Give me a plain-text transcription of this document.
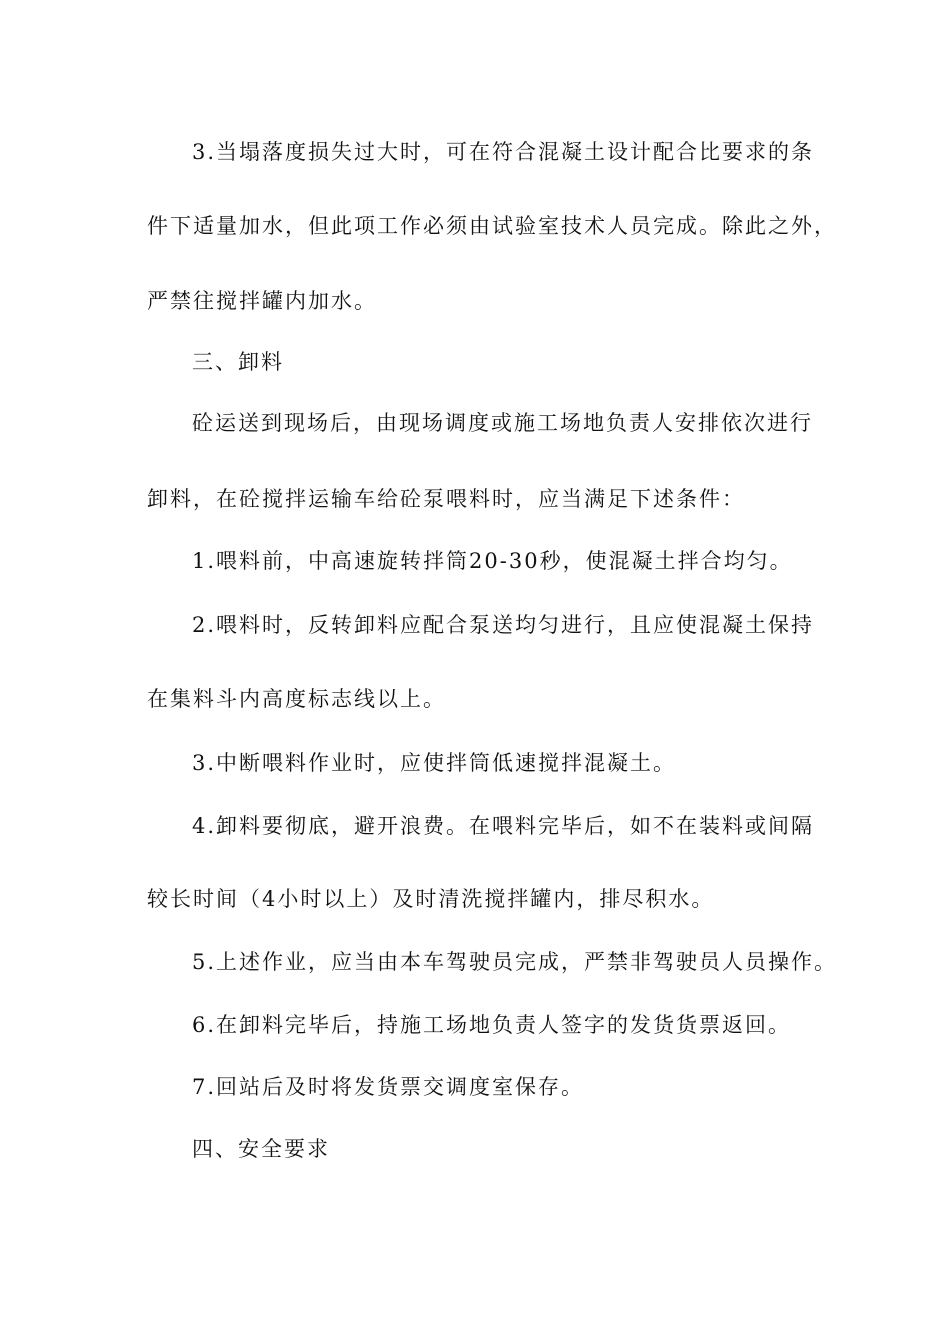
3.当塌落度损失过大时，可在符合混凝土设计配合比要求的条
件下适量加水，但此项工作必须由试验室技术人员完成。除此之外，
严禁往搅拌罐内加水。
三、卸料
砼运送到现场后，由现场调度或施工场地负责人安排依次进行
卸料，在砼搅拌运输车给砼泵喂料时，应当满足下述条件：
1.喂料前，中高速旋转拌筒20-30秒，使混凝土拌合均匀。
2.喂料时，反转卸料应配合泵送均匀进行，且应使混凝土保持
在集料斗内高度标志线以上。
3.中断喂料作业时，应使拌筒低速搅拌混凝土。
4.卸料要彻底，避开浪费。在喂料完毕后，如不在装料或间隔
较长时间（4小时以上）及时清洗搅拌罐内，排尽积水。
5.上述作业，应当由本车驾驶员完成，严禁非驾驶员人员操作。
6.在卸料完毕后，持施工场地负责人签字的发货货票返回。
7.回站后及时将发货票交调度室保存。
四、安全要求
